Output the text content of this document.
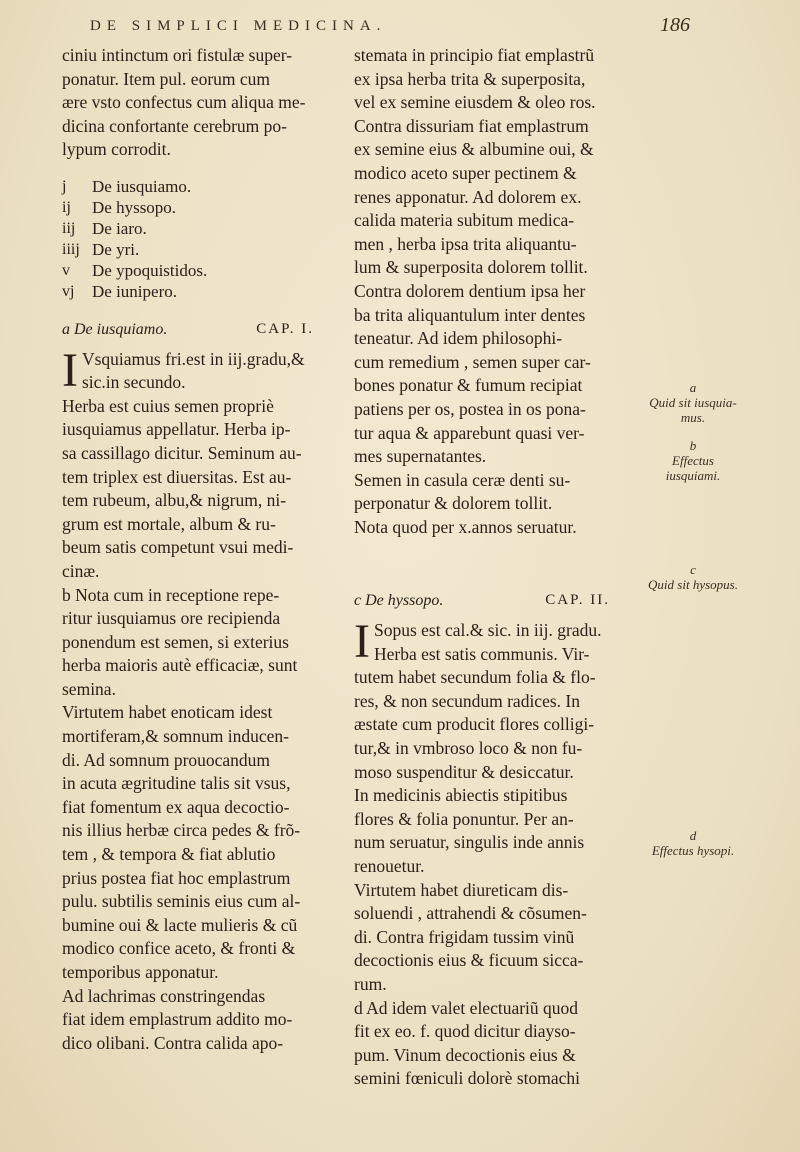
DE SIMPLICI MEDICINA.	186
ciniu intinctum ori fistulæ super-
ponatur. Item pul. eorum cum
ære vsto confectus cum aliqua me-
dicina confortante cerebrum po-
lypum corrodit.
j	De iusquiamo.
ij	De hyssopo.
iij De iaro.
iiij De yri.
v	De ypoquistidos.
vj	De iunipero.
a De iusquiamo.	CAP. I.
I Vsquiamus fri.est in iij.gradu,&
sic.in secundo.
Herba est cuius semen propriè
iusquiamus appellatur. Herba ip-
sa cassillago dicitur. Seminum au-
tem triplex est diuersitas. Est au-
tem rubeum, albu,& nigrum, ni-
grum est mortale, album & ru-
beum satis competunt vsui medi-
cinæ.
b Nota cum in receptione repe-
ritur iusquiamus ore recipienda
ponendum est semen, si exterius
herba maioris autè efficaciæ, sunt
semina.
Virtutem habet enoticam idest
mortiferam,& somnum inducen-
di. Ad somnum prouocandum
in acuta ægritudine talis sit vsus,
fiat fomentum ex aqua decoctio-
nis illius herbæ circa pedes & frõ-
tem , & tempora & fiat ablutio
prius postea fiat hoc emplastrum
pulu. subtilis seminis eius cum al-
bumine oui & lacte mulieris & cũ
modico confice aceto, & fronti &
temporibus apponatur.
Ad lachrimas constringendas
fiat idem emplastrum addito mo-
dico olibani. Contra calida apo-
stemata in principio fiat emplastrũ
ex ipsa herba trita & superposita,
vel ex semine eiusdem & oleo ros.
Contra dissuriam fiat emplastrum
ex semine eius & albumine oui, &
modico aceto super pectinem &
renes apponatur. Ad dolorem ex.
calida materia subitum medica-
men , herba ipsa trita aliquantu-
lum & superposita dolorem tollit.
Contra dolorem dentium ipsa her
ba trita aliquantulum inter dentes
teneatur. Ad idem philosophi-
cum remedium , semen super car-
bones ponatur & fumum recipiat
patiens per os, postea in os pona-
tur aqua & apparebunt quasi ver-
mes supernatantes.
Semen in casula ceræ denti su-
perponatur & dolorem tollit.
Nota quod per x.annos seruatur.
c De hyssopo.	CAP. II.
I Sopus est cal.& sic. in iij. gradu.
Herba est satis communis. Vir-
tutem habet secundum folia & flo-
res, & non secundum radices. In
æstate cum producit flores colligi-
tur,& in vmbroso loco & non fu-
moso suspenditur & desiccatur.
In medicinis abiectis stipitibus
flores & folia ponuntur. Per an-
num seruatur, singulis inde annis
renouetur.
Virtutem habet diureticam dis-
soluendi , attrahendi & cõsumen-
di. Contra frigidam tussim vinũ
decoctionis eius & ficuum sicca-
rum.
d Ad idem valet electuariũ quod
fit ex eo. f. quod dicitur diayso-
pum. Vinum decoctionis eius &
semini fœniculi dolorè stomachi
a
Quid sit iusquia-mus.
b
Effectus iusquiami.
c
Quid sit hysopus.
d
Effectus hysopi.
